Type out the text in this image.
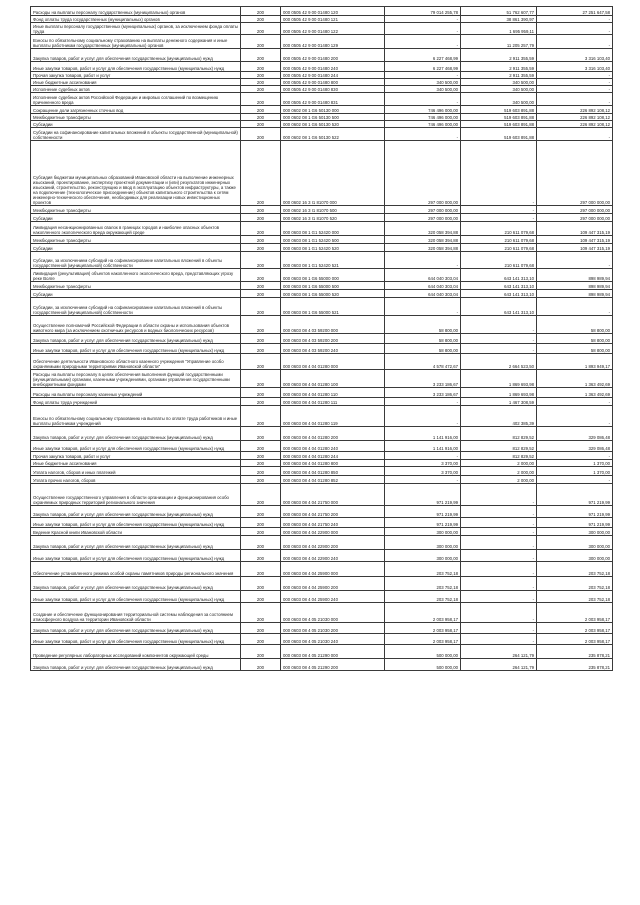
Расходы на выплаты персоналу государственных (муниципальных) органов	200	000 0505 42 9 00 01480 120	79 014 255,78	51 762 607,77	27 251 647,58
Фонд оплаты труда государственных (муниципальных) органов	200	000 0505 42 9 00 01480 121	-	38 861 390,97	-
Иные выплаты персоналу государственных (муниципальных) органов, за исключением фонда оплаты труда	200	000 0505 42 9 00 01480 122	-	1 695 959,11	-
Взносы по обязательному социальному страхованию на выплаты денежного содержания и иные выплаты работникам государственных (муниципальных) органов	200	000 0505 42 9 00 01480 129	-	11 205 257,79	-
Закупка товаров, работ и услуг для обеспечения государственных (муниципальных) нужд	200	000 0505 42 9 00 01480 200	6 227 468,99	2 911 355,59	3 316 103,40
Иные закупки товаров, работ и услуг для обеспечения государственных (муниципальных) нужд	200	000 0505 42 9 00 01480 240	6 227 468,99	2 911 355,59	3 316 103,40
Прочая закупка товаров, работ и услуг	200	000 0505 42 9 00 01480 244	-	2 911 355,59	-
Иные бюджетные ассигнования	200	000 0505 42 9 00 01480 800	340 500,00	340 500,00	-
Исполнение судебных актов	200	000 0505 42 9 00 01480 830	340 500,00	340 500,00	-
Исполнение судебных актов Российской Федерации и мировых соглашений по возмещению причиненного вреда	200	000 0505 42 9 00 01480 831	-	340 500,00	-
Сокращение доли загрязненных сточных вод	200	000 0602 08 1 G6 50130 000	746 496 000,00	519 603 891,88	226 892 108,12
Межбюджетные трансферты	200	000 0602 08 1 G6 50130 500	746 496 000,00	519 603 891,88	226 892 108,12
Субсидии	200	000 0602 08 1 G6 50130 520	746 496 000,00	519 603 891,88	226 892 108,12
Субсидии на софинансирование капитальных вложений в объекты государственной (муниципальной) собственности	200	000 0602 08 1 G6 50130 522	-	519 603 891,88	-
Субсидия бюджетам муниципальных образований Ивановской области на выполнение инженерных изысканий, проектирование, экспертизу проектной документации и (или) результатов инженерных изысканий, строительство, реконструкцию и ввод в эксплуатацию объектов инфраструктуры, а также на подключение (технологическое присоединение) объектов капитального строительства к сетям инженерно-технического обеспечения, необходимых для реализации новых инвестиционных проектов	200	000 0602 16 3 I1 81070 000	297 000 000,00	-	297 000 000,00
Межбюджетные трансферты	200	000 0602 16 3 I1 81070 500	297 000 000,00	-	297 000 000,00
Субсидии	200	000 0602 16 3 I1 81070 520	297 000 000,00	-	297 000 000,00
Ликвидация несанкционированных свалок в границах городов и наиболее опасных объектов накопленного экологического вреда окружающей среде	200	000 0603 08 1 G1 52420 000	320 058 394,88	210 611 079,68	109 447 315,19
Межбюджетные трансферты	200	000 0603 08 1 G1 52420 500	320 058 394,88	210 611 079,68	109 447 315,19
Субсидии	200	000 0603 08 1 G1 52420 520	320 058 394,88	210 611 079,68	109 447 315,19
Субсидии, за исключением субсидий на софинансирование капитальных вложений в объекты государственной (муниципальной) собственности	200	000 0603 08 1 G1 52420 521	-	210 611 079,68	-
Ликвидация (рекультивация) объектов накопленного экологического вреда, представляющих угрозу реке Волге	200	000 0603 08 1 G6 55000 000	644 040 303,04	643 141 313,10	898 989,94
Межбюджетные трансферты	200	000 0603 08 1 G6 55000 500	644 040 303,04	643 141 313,10	898 989,94
Субсидии	200	000 0603 08 1 G6 55000 520	644 040 303,04	643 141 313,10	898 989,94
Субсидии, за исключением субсидий на софинансирование капитальных вложений в объекты государственной (муниципальной) собственности	200	000 0603 08 1 G6 55000 521	-	643 141 313,10	-
Осуществление полномочий Российской Федерации в области охраны и использования объектов животного мира (за исключением охотничьих ресурсов и водных биологических ресурсов)	200	000 0603 08 4 03 59200 000	58 800,00	-	58 800,00
Закупка товаров, работ и услуг для обеспечения государственных (муниципальных) нужд	200	000 0603 08 4 03 59200 200	58 800,00	-	58 800,00
Иные закупки товаров, работ и услуг для обеспечения государственных (муниципальных) нужд	200	000 0603 08 4 03 59200 240	58 800,00	-	58 800,00
Обеспечение деятельности Ивановского областного казенного учреждения "Управление особо охраняемыми природными территориями Ивановской области"	200	000 0603 08 4 04 01280 000	4 578 472,67	2 664 523,50	1 893 949,17
Расходы на выплаты персоналу в целях обеспечения выполнения функций государственными (муниципальными) органами, казенными учреждениями, органами управления государственными внебюджетными фондами	200	000 0603 08 4 04 01280 100	3 233 186,67	1 869 693,98	1 363 492,69
Расходы на выплаты персоналу казенных учреждений	200	000 0603 08 4 04 01280 110	3 233 186,67	1 869 693,98	1 363 492,69
Фонд оплаты труда учреждений	200	000 0603 08 4 04 01280 111	-	1 467 308,59	-
Взносы по обязательному социальному страхованию на выплаты по оплате труда работников и иные выплаты работникам учреждений	200	000 0603 08 4 04 01280 119	-	402 385,39	-
Закупка товаров, работ и услуг для обеспечения государственных (муниципальных) нужд	200	000 0603 08 4 04 01280 200	1 141 916,00	812 829,52	329 086,48
Иные закупки товаров, работ и услуг для обеспечения государственных (муниципальных) нужд	200	000 0603 08 4 04 01280 240	1 141 916,00	812 829,52	329 086,48
Прочая закупка товаров, работ и услуг	200	000 0603 08 4 04 01280 244	-	812 829,52	-
Иные бюджетные ассигнования	200	000 0603 08 4 04 01280 800	3 370,00	2 000,00	1 370,00
Уплата налогов, сборов и иных платежей	200	000 0603 08 4 04 01280 850	3 370,00	2 000,00	1 370,00
Уплата прочих налогов, сборов	200	000 0603 08 4 04 01280 852	-	2 000,00	-
Осуществление государственного управления в области организации и функционирования особо охраняемых природных территорий регионального значения	200	000 0603 08 4 04 21750 000	971 219,99	-	971 219,99
Закупка товаров, работ и услуг для обеспечения государственных (муниципальных) нужд	200	000 0603 08 4 04 21750 200	971 219,99	-	971 219,99
Иные закупки товаров, работ и услуг для обеспечения государственных (муниципальных) нужд	200	000 0603 08 4 04 21750 240	971 219,99	-	971 219,99
Ведение Красной книги Ивановской области	200	000 0603 08 4 04 22900 000	300 000,00	-	300 000,00
Закупка товаров, работ и услуг для обеспечения государственных (муниципальных) нужд	200	000 0603 08 4 04 22900 200	300 000,00	-	300 000,00
Иные закупки товаров, работ и услуг для обеспечения государственных (муниципальных) нужд	200	000 0603 08 4 04 22900 240	300 000,00	-	300 000,00
Обеспечение установленного режима особой охраны памятников природы регионального значения	200	000 0603 08 4 04 25900 000	203 752,18	-	203 752,18
Закупка товаров, работ и услуг для обеспечения государственных (муниципальных) нужд	200	000 0603 08 4 04 25900 200	203 752,18	-	203 752,18
Иные закупки товаров, работ и услуг для обеспечения государственных (муниципальных) нужд	200	000 0603 08 4 04 25900 240	203 752,18	-	203 752,18
Создание и обеспечение функционирования территориальной системы наблюдения за состоянием атмосферного воздуха на территории Ивановской области	200	000 0603 08 4 05 21030 000	2 003 958,17	-	2 003 958,17
Закупка товаров, работ и услуг для обеспечения государственных (муниципальных) нужд	200	000 0603 08 4 05 21030 200	2 003 958,17	-	2 003 958,17
Иные закупки товаров, работ и услуг для обеспечения государственных (муниципальных) нужд	200	000 0603 08 4 05 21030 240	2 003 958,17	-	2 003 958,17
Проведение регулярных лабораторных исследований компонентов окружающей среды	200	000 0603 08 4 05 21290 000	500 000,00	264 121,79	235 878,21
Закупка товаров, работ и услуг для обеспечения государственных (муниципальных) нужд	200	000 0603 08 4 05 21290 200	500 000,00	264 121,79	235 878,21
